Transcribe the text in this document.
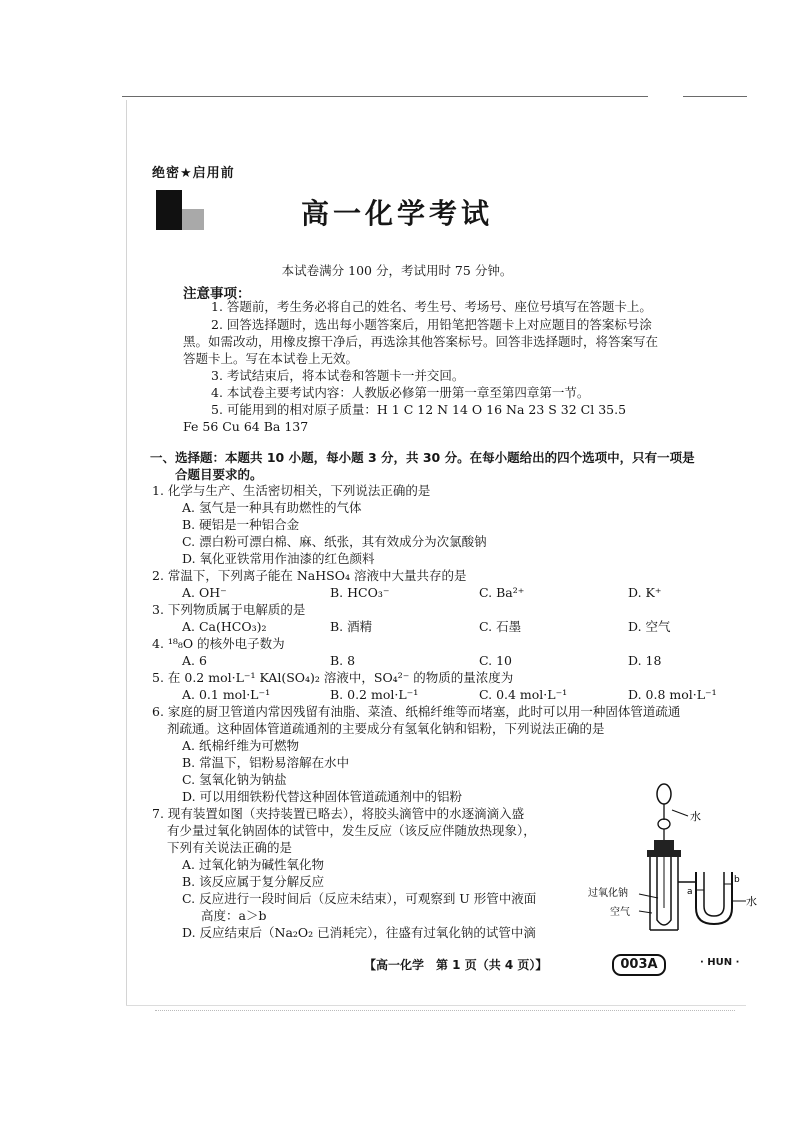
绝密★启用前
高一化学考试
本试卷满分 100 分，考试用时 75 分钟。
注意事项：
1. 答题前，考生务必将自己的姓名、考生号、考场号、座位号填写在答题卡上。
2. 回答选择题时，选出每小题答案后，用铅笔把答题卡上对应题目的答案标号涂
黑。如需改动，用橡皮擦干净后，再选涂其他答案标号。回答非选择题时，将答案写在
答题卡上。写在本试卷上无效。
3. 考试结束后，将本试卷和答题卡一并交回。
4. 本试卷主要考试内容：人教版必修第一册第一章至第四章第一节。
5. 可能用到的相对原子质量：H 1 C 12 N 14 O 16 Na 23 S 32 Cl 35.5
Fe 56 Cu 64 Ba 137
一、选择题：本题共 10 小题，每小题 3 分，共 30 分。在每小题给出的四个选项中，只有一项是
合题目要求的。
1. 化学与生产、生活密切相关，下列说法正确的是
A. 氢气是一种具有助燃性的气体
B. 硬铝是一种铝合金
C. 漂白粉可漂白棉、麻、纸张，其有效成分为次氯酸钠
D. 氧化亚铁常用作油漆的红色颜料
2. 常温下，下列离子能在 NaHSO₄ 溶液中大量共存的是
A. OH⁻	B. HCO₃⁻	C. Ba²⁺	D. K⁺
3. 下列物质属于电解质的是
A. Ca(HCO₃)₂	B. 酒精	C. 石墨	D. 空气
4. ¹⁸₈O 的核外电子数为
A. 6	B. 8	C. 10	D. 18
5. 在 0.2 mol·L⁻¹ KAl(SO₄)₂ 溶液中，SO₄²⁻ 的物质的量浓度为
A. 0.1 mol·L⁻¹	B. 0.2 mol·L⁻¹	C. 0.4 mol·L⁻¹	D. 0.8 mol·L⁻¹
6. 家庭的厨卫管道内常因残留有油脂、菜渣、纸棉纤维等而堵塞，此时可以用一种固体管道疏通
剂疏通。这种固体管道疏通剂的主要成分有氢氧化钠和铝粉，下列说法正确的是
A. 纸棉纤维为可燃物
B. 常温下，铝粉易溶解在水中
C. 氢氧化钠为钠盐
D. 可以用细铁粉代替这种固体管道疏通剂中的铝粉
7. 现有装置如图（夹持装置已略去），将胶头滴管中的水逐滴滴入盛
有少量过氧化钠固体的试管中，发生反应（该反应伴随放热现象），
下列有关说法正确的是
A. 过氧化钠为碱性氧化物
B. 该反应属于复分解反应
C. 反应进行一段时间后（反应未结束），可观察到 U 形管中液面
高度：a＞b
D. 反应结束后（Na₂O₂ 已消耗完），往盛有过氧化钠的试管中滴
水
过氧化钠
空气
水
a
b
【高一化学　第 1 页（共 4 页）】	003A	· HUN ·
